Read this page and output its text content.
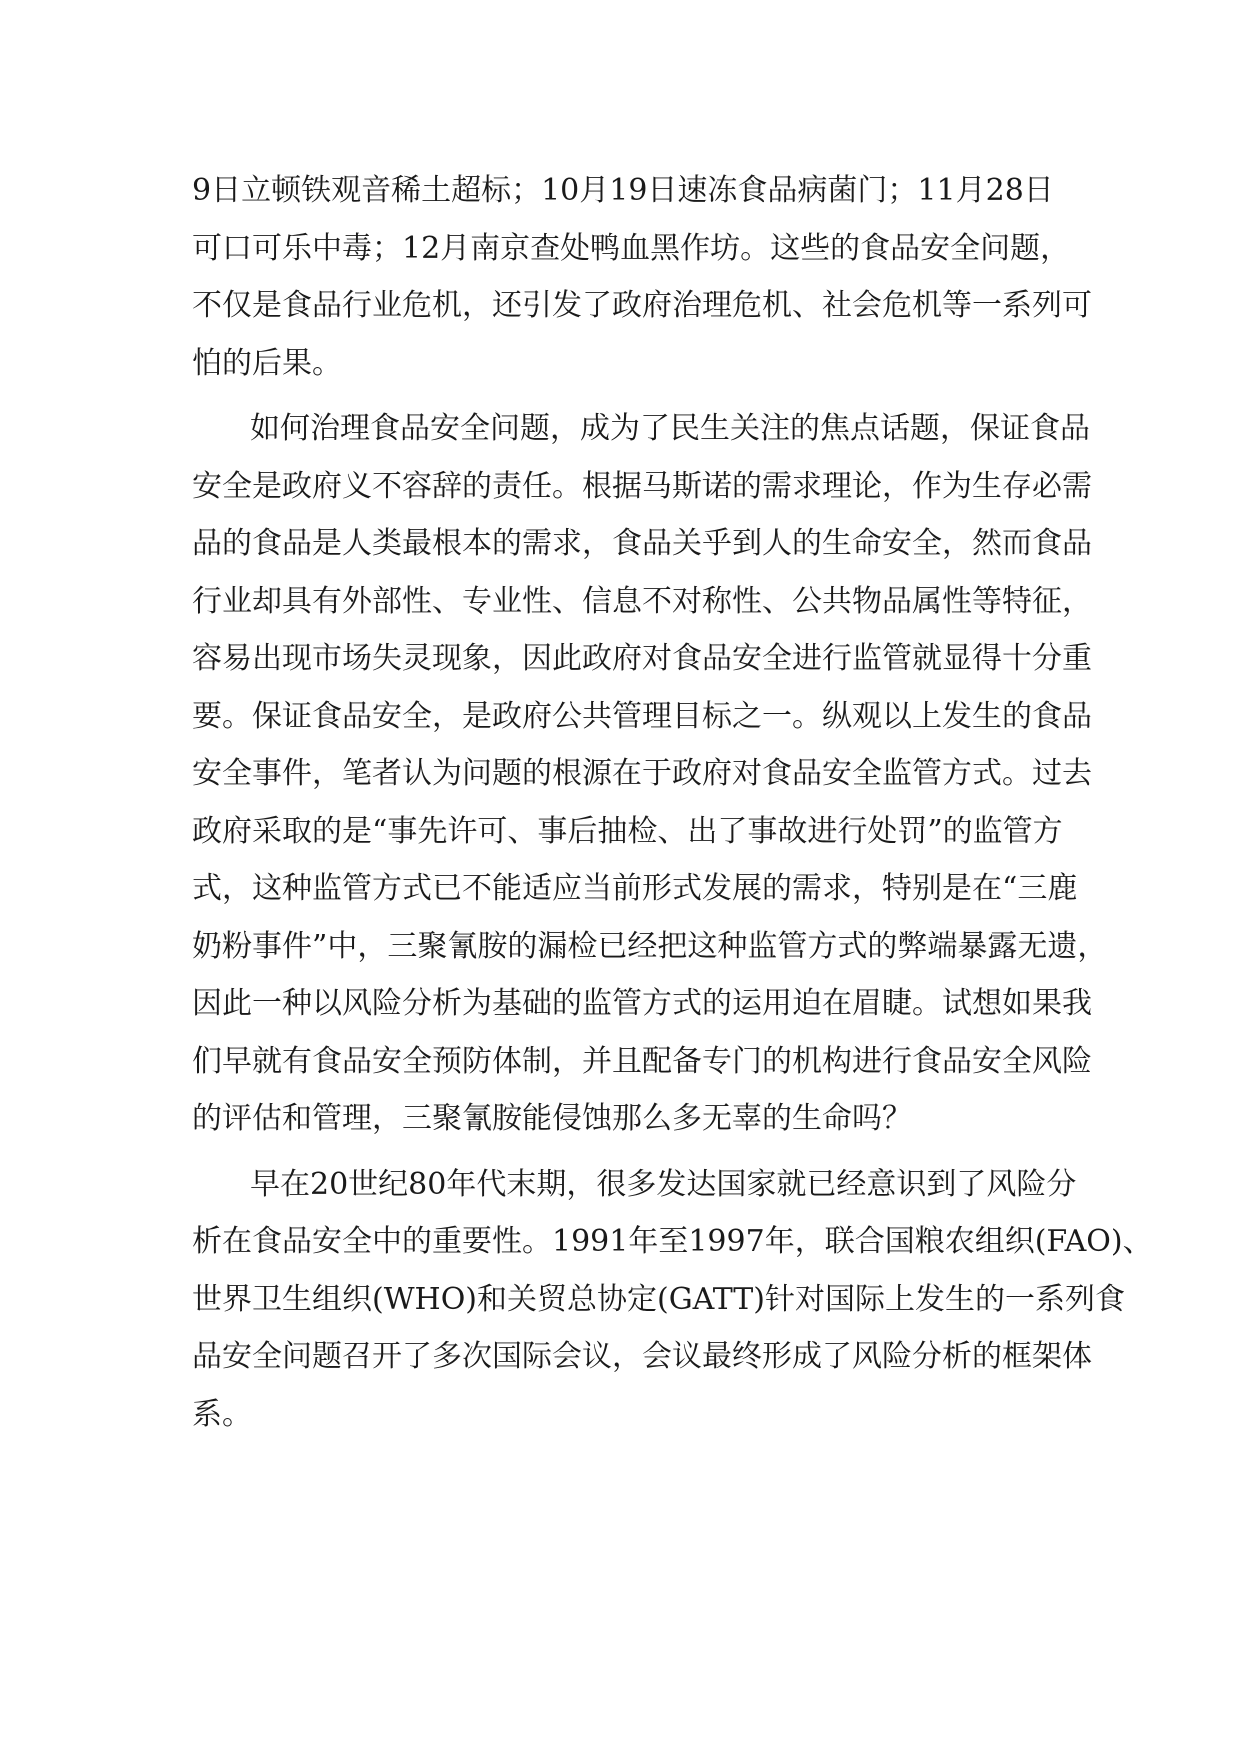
9日立顿铁观音稀土超标；10月19日速冻食品病菌门；11月28日
可口可乐中毒；12月南京查处鸭血黑作坊。这些的食品安全问题，
不仅是食品行业危机，还引发了政府治理危机、社会危机等一系列可
怕的后果。
如何治理食品安全问题，成为了民生关注的焦点话题，保证食品
安全是政府义不容辞的责任。根据马斯诺的需求理论，作为生存必需
品的食品是人类最根本的需求，食品关乎到人的生命安全，然而食品
行业却具有外部性、专业性、信息不对称性、公共物品属性等特征，
容易出现市场失灵现象，因此政府对食品安全进行监管就显得十分重
要。保证食品安全，是政府公共管理目标之一。纵观以上发生的食品
安全事件，笔者认为问题的根源在于政府对食品安全监管方式。过去
政府采取的是“事先许可、事后抽检、出了事故进行处罚”的监管方
式，这种监管方式已不能适应当前形式发展的需求，特别是在“三鹿
奶粉事件”中，三聚氰胺的漏检已经把这种监管方式的弊端暴露无遗，
因此一种以风险分析为基础的监管方式的运用迫在眉睫。试想如果我
们早就有食品安全预防体制，并且配备专门的机构进行食品安全风险
的评估和管理，三聚氰胺能侵蚀那么多无辜的生命吗？
早在20世纪80年代末期，很多发达国家就已经意识到了风险分
析在食品安全中的重要性。1991年至1997年，联合国粮农组织(FAO)、
世界卫生组织(WHO)和关贸总协定(GATT)针对国际上发生的一系列食
品安全问题召开了多次国际会议，会议最终形成了风险分析的框架体
系。
